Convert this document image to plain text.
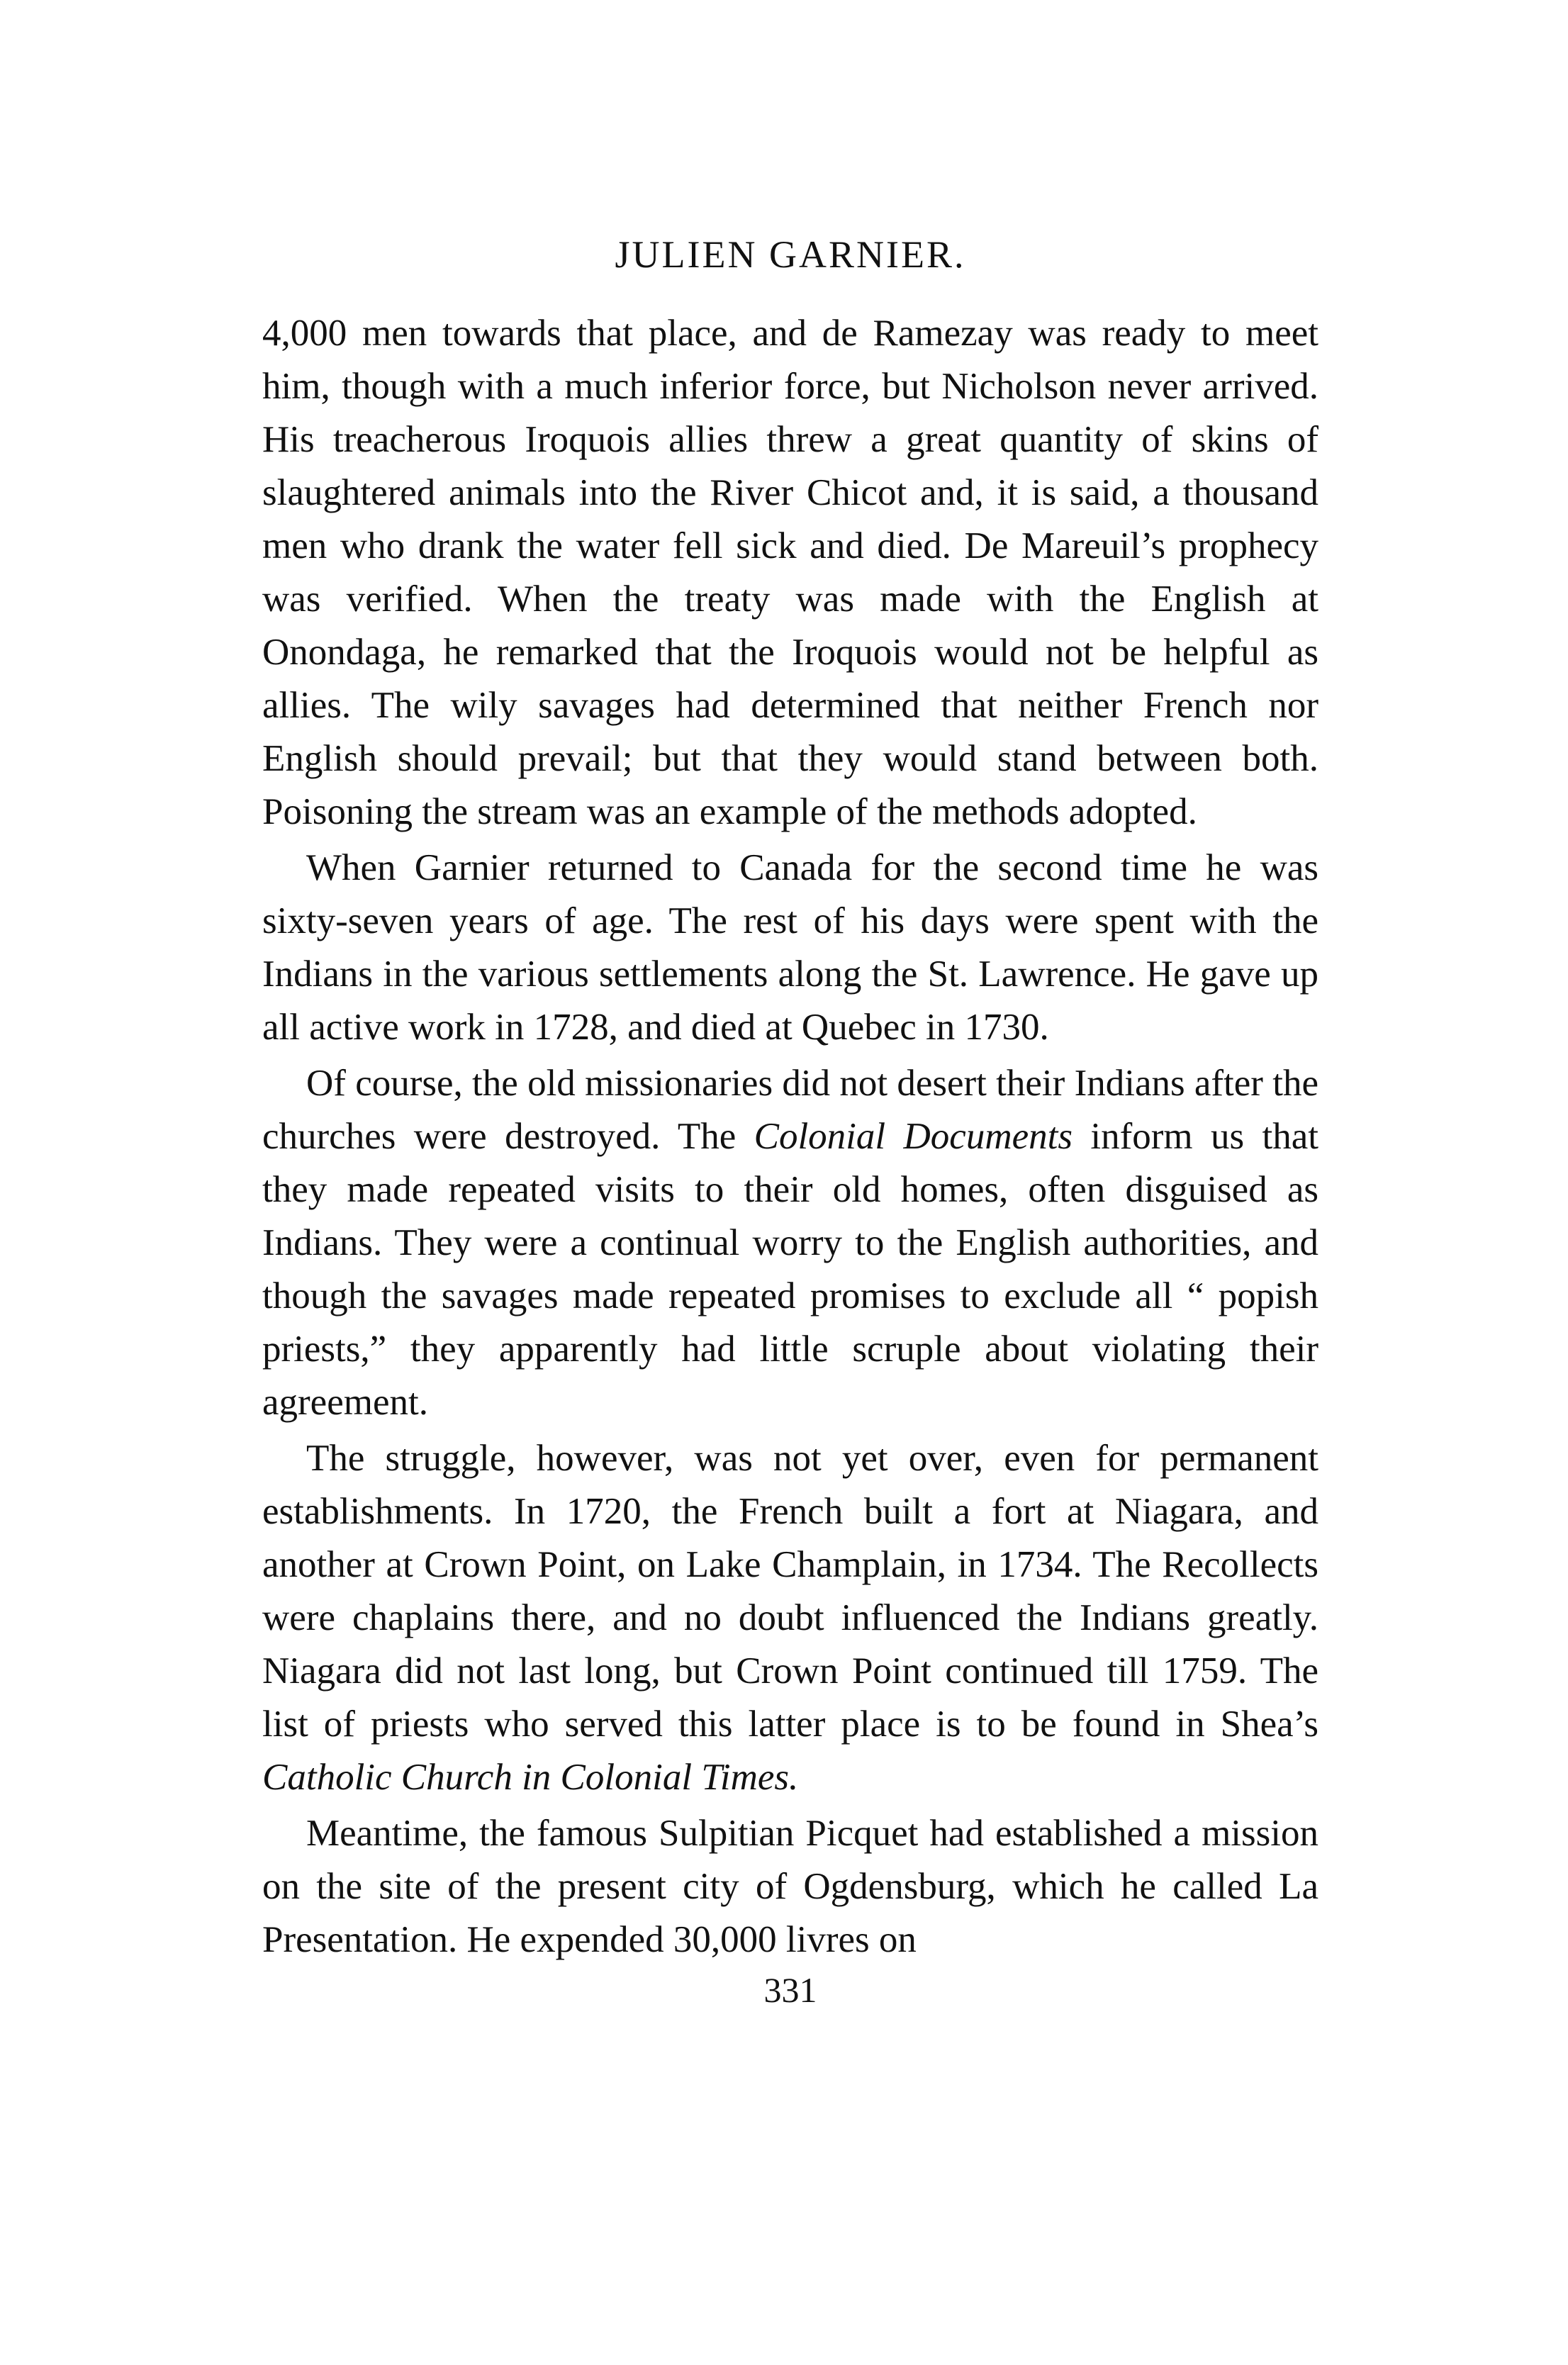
JULIEN GARNIER.

4,000 men towards that place, and de Ramezay was ready to meet him, though with a much inferior force, but Nicholson never arrived. His treacherous Iroquois allies threw a great quantity of skins of slaughtered animals into the River Chicot and, it is said, a thousand men who drank the water fell sick and died. De Mareuil’s prophecy was verified. When the treaty was made with the English at Onondaga, he remarked that the Iroquois would not be helpful as allies. The wily savages had determined that neither French nor English should prevail; but that they would stand between both. Poisoning the stream was an example of the methods adopted.

When Garnier returned to Canada for the second time he was sixty-seven years of age. The rest of his days were spent with the Indians in the various settlements along the St. Lawrence. He gave up all active work in 1728, and died at Quebec in 1730.

Of course, the old missionaries did not desert their Indians after the churches were destroyed. The Colonial Documents inform us that they made repeated visits to their old homes, often disguised as Indians. They were a continual worry to the English authorities, and though the savages made repeated promises to exclude all “ popish priests,” they apparently had little scruple about violating their agreement.

The struggle, however, was not yet over, even for permanent establishments. In 1720, the French built a fort at Niagara, and another at Crown Point, on Lake Champlain, in 1734. The Recollects were chaplains there, and no doubt influenced the Indians greatly. Niagara did not last long, but Crown Point continued till 1759. The list of priests who served this latter place is to be found in Shea’s Catholic Church in Colonial Times.

Meantime, the famous Sulpitian Picquet had established a mission on the site of the present city of Ogdensburg, which he called La Presentation. He expended 30,000 livres on

331
